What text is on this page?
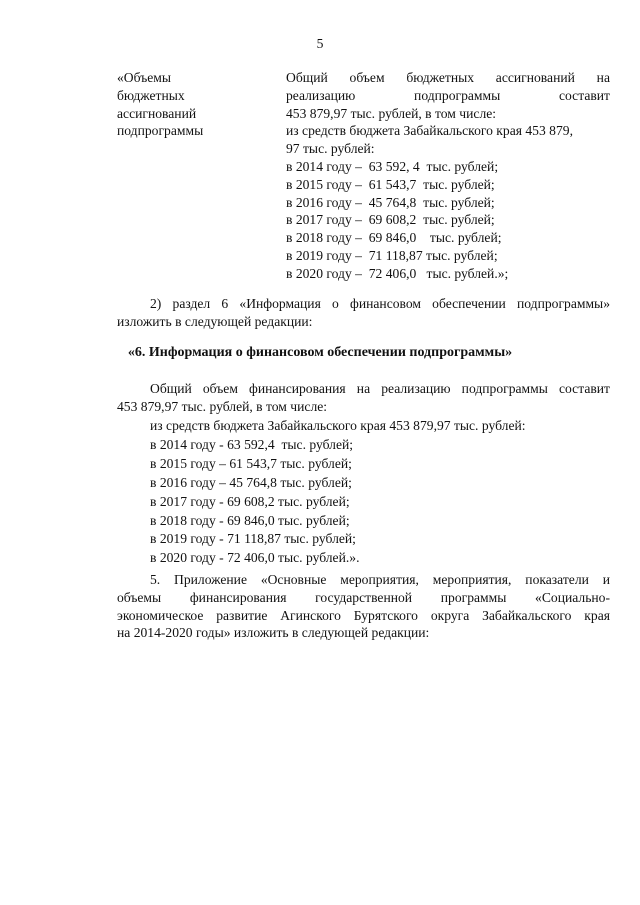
5
«Объемы
бюджетных
ассигнований
подпрограммы
Общий объем бюджетных ассигнований на
реализацию подпрограммы составит
453 879,97 тыс. рублей, в том числе:
из средств бюджета Забайкальского края 453 879,
97 тыс. рублей:
в 2014 году –  63 592, 4  тыс. рублей;
в 2015 году –  61 543,7  тыс. рублей;
в 2016 году –  45 764,8  тыс. рублей;
в 2017 году –  69 608,2  тыс. рублей;
в 2018 году –  69 846,0    тыс. рублей;
в 2019 году –  71 118,87 тыс. рублей;
в 2020 году –  72 406,0   тыс. рублей.»;
2) раздел 6 «Информация о финансовом обеспечении подпрограммы»
изложить в следующей редакции:
«6. Информация о финансовом обеспечении подпрограммы»
Общий объем финансирования на реализацию подпрограммы составит
453 879,97 тыс. рублей, в том числе:
из средств бюджета Забайкальского края 453 879,97 тыс. рублей:
в 2014 году - 63 592,4  тыс. рублей;
в 2015 году – 61 543,7 тыс. рублей;
в 2016 году – 45 764,8 тыс. рублей;
в 2017 году - 69 608,2 тыс. рублей;
в 2018 году - 69 846,0 тыс. рублей;
в 2019 году - 71 118,87 тыс. рублей;
в 2020 году - 72 406,0 тыс. рублей.».
5. Приложение «Основные мероприятия, мероприятия, показатели и
объемы финансирования государственной программы «Социально-
экономическое развитие Агинского Бурятского округа Забайкальского края
на 2014-2020 годы» изложить в следующей редакции:
